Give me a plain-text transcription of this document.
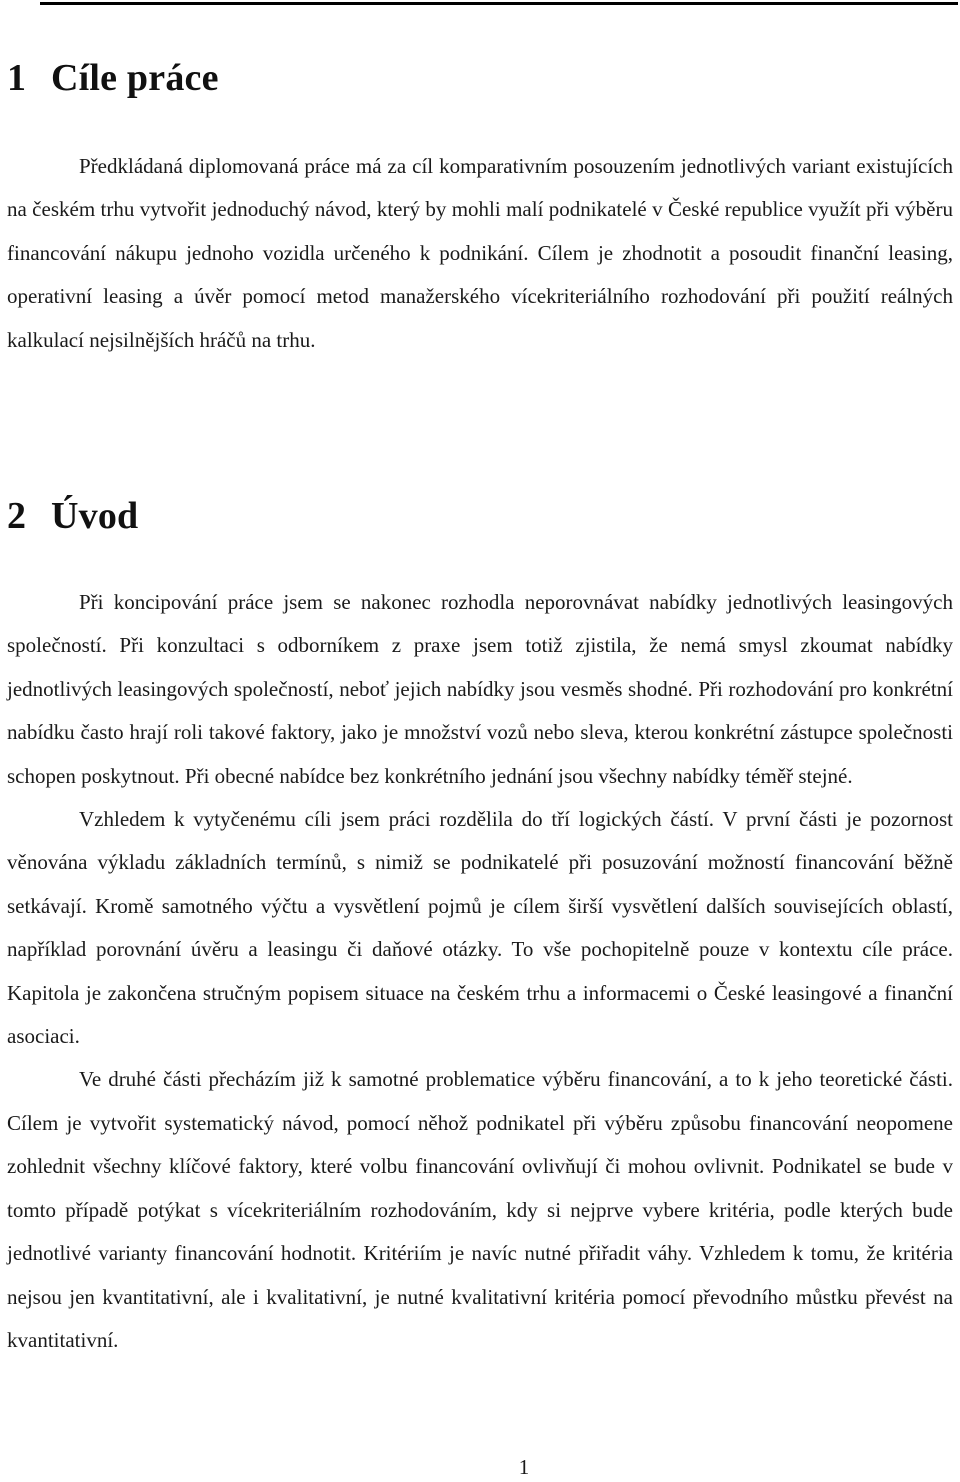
1 Cíle práce

Předkládaná diplomovaná práce má za cíl komparativním posouzením jednotlivých variant existujících na českém trhu vytvořit jednoduchý návod, který by mohli malí podnikatelé v České republice využít při výběru financování nákupu jednoho vozidla určeného k podnikání. Cílem je zhodnotit a posoudit finanční leasing, operativní leasing a úvěr pomocí metod manažerského vícekriteriálního rozhodování při použití reálných kalkulací nejsilnějších hráčů na trhu.

2 Úvod

Při koncipování práce jsem se nakonec rozhodla neporovnávat nabídky jednotlivých leasingových společností. Při konzultaci s odborníkem z praxe jsem totiž zjistila, že nemá smysl zkoumat nabídky jednotlivých leasingových společností, neboť jejich nabídky jsou vesměs shodné. Při rozhodování pro konkrétní nabídku často hrají roli takové faktory, jako je množství vozů nebo sleva, kterou konkrétní zástupce společnosti schopen poskytnout. Při obecné nabídce bez konkrétního jednání jsou všechny nabídky téměř stejné.

Vzhledem k vytyčenému cíli jsem práci rozdělila do tří logických částí. V první části je pozornost věnována výkladu základních termínů, s nimiž se podnikatelé při posuzování možností financování běžně setkávají. Kromě samotného výčtu a vysvětlení pojmů je cílem širší vysvětlení dalších souvisejících oblastí, například porovnání úvěru a leasingu či daňové otázky. To vše pochopitelně pouze v kontextu cíle práce. Kapitola je zakončena stručným popisem situace na českém trhu a informacemi o České leasingové a finanční asociaci.

Ve druhé části přecházím již k samotné problematice výběru financování, a to k jeho teoretické části. Cílem je vytvořit systematický návod, pomocí něhož podnikatel při výběru způsobu financování neopomene zohlednit všechny klíčové faktory, které volbu financování ovlivňují či mohou ovlivnit. Podnikatel se bude v tomto případě potýkat s vícekriteriálním rozhodováním, kdy si nejprve vybere kritéria, podle kterých bude jednotlivé varianty financování hodnotit. Kritériím je navíc nutné přiřadit váhy. Vzhledem k tomu, že kritéria nejsou jen kvantitativní, ale i kvalitativní, je nutné kvalitativní kritéria pomocí převodního můstku převést na kvantitativní.

1
